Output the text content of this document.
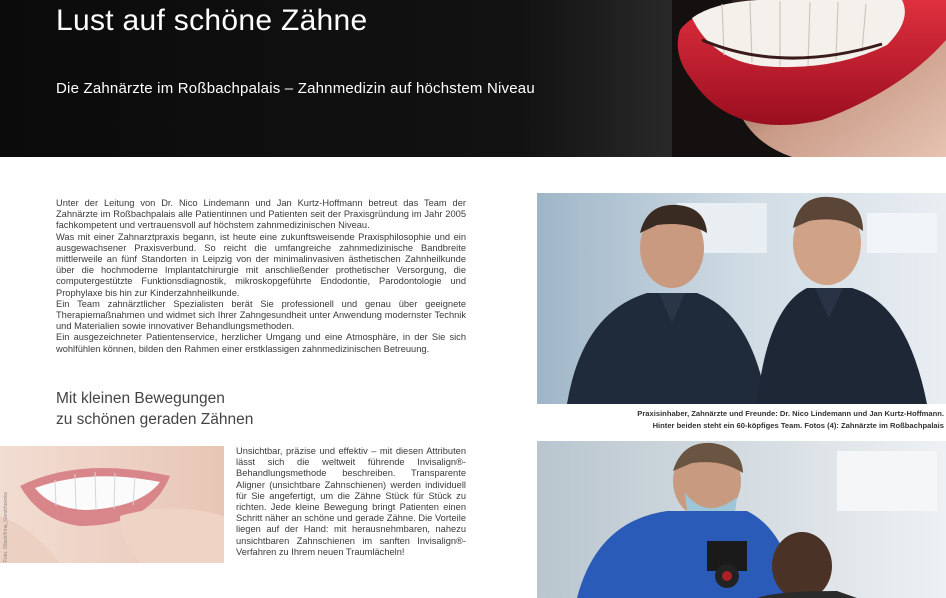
Lust auf schöne Zähne
Die Zahnärzte im Roßbachpalais – Zahnmedizin auf höchstem Niveau

Unter der Leitung von Dr. Nico Lindemann und Jan Kurtz-Hoffmann betreut das Team der Zahnärzte im Roßbachpalais alle Patientinnen und Patienten seit der Praxisgründung im Jahr 2005 fachkompetent und vertrauensvoll auf höchstem zahnmedizinischen Niveau.

Was mit einer Zahnarztpraxis begann, ist heute eine zukunftsweisende Praxisphilosophie und ein ausgewachsener Praxisverbund. So reicht die umfangreiche zahnmedizinische Bandbreite mittlerweile an fünf Standorten in Leipzig von der minimalinvasiven ästhetischen Zahnheilkunde über die hochmoderne Implantatchirurgie mit anschließender prothetischer Versorgung, die computergestützte Funktionsdiagnostik, mikroskopgeführte Endodontie, Parodontologie und Prophylaxe bis hin zur Kinderzahnheilkunde.

Ein Team zahnärztlicher Spezialisten berät Sie professionell und genau über geeignete Therapiemaßnahmen und widmet sich Ihrer Zahngesundheit unter Anwendung modernster Technik und Materialien sowie innovativer Behandlungsmethoden.

Ein ausgezeichneter Patientenservice, herzlicher Umgang und eine Atmosphäre, in der Sie sich wohlfühlen können, bilden den Rahmen einer erstklassigen zahnmedizinischen Betreuung.

Mit kleinen Bewegungen
zu schönen geraden Zähnen
Foto: iStock/Irina_Gorokhovska

Unsichtbar, präzise und effektiv – mit diesen Attributen lässt sich die weltweit führende Invisalign®-Behandlungsmethode beschreiben. Transparente Aligner (unsichtbare Zahnschienen) werden individuell für Sie angefertigt, um die Zähne Stück für Stück zu richten. Jede kleine Bewegung bringt Patienten einen Schritt näher an schöne und gerade Zähne. Die Vorteile liegen auf der Hand: mit herausnehmbaren, nahezu unsichtbaren Zahnschienen im sanften Invisalign®-Verfahren zu Ihrem neuen Traumlächeln!

Praxisinhaber, Zahnärzte und Freunde: Dr. Nico Lindemann und Jan Kurtz-Hoffmann.
Hinter beiden steht ein 60-köpfiges Team. Fotos (4): Zahnärzte im Roßbachpalais
